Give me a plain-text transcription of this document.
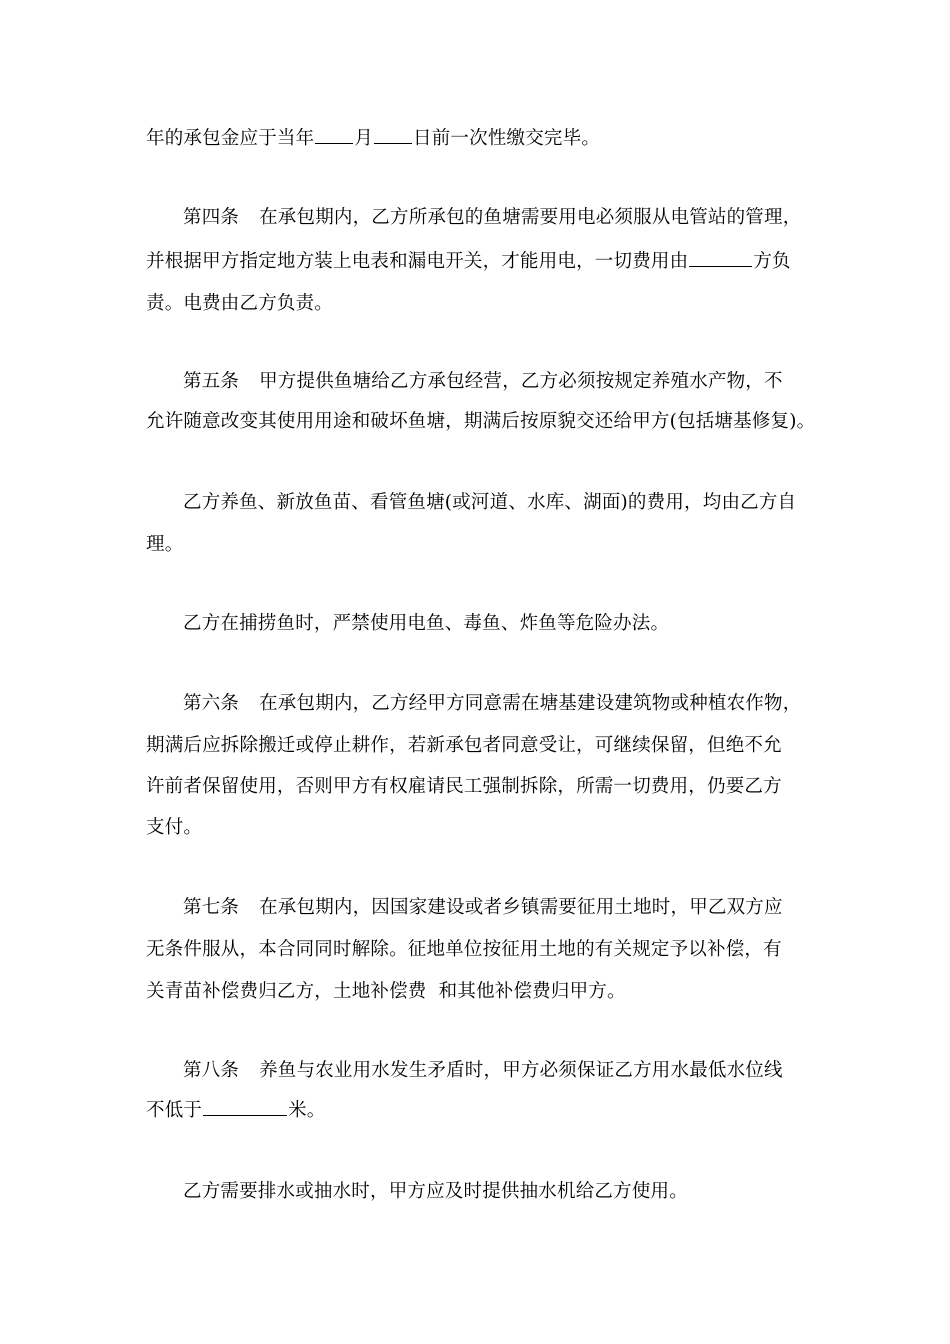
年的承包金应于当年 月 日前一次性缴交完毕。
第四条 在承包期内，乙方所承包的鱼塘需要用电必须服从电管站的管理，
并根据甲方指定地方装上电表和漏电开关，才能用电，一切费用由	方负
责。电费由乙方负责。
第五条 甲方提供鱼塘给乙方承包经营，乙方必须按规定养殖水产物，不
允许随意改变其使用用途和破坏鱼塘，期满后按原貌交还给甲方(包括塘基修复)。
乙方养鱼、新放鱼苗、看管鱼塘(或河道、水库、湖面)的费用，均由乙方自
理。
乙方在捕捞鱼时，严禁使用电鱼、毒鱼、炸鱼等危险办法。
第六条 在承包期内，乙方经甲方同意需在塘基建设建筑物或种植农作物，
期满后应拆除搬迁或停止耕作，若新承包者同意受让，可继续保留，但绝不允
许前者保留使用，否则甲方有权雇请民工强制拆除，所需一切费用，仍要乙方
支付。
第七条 在承包期内，因国家建设或者乡镇需要征用土地时，甲乙双方应
无条件服从，本合同同时解除。征地单位按征用土地的有关规定予以补偿，有
关青苗补偿费归乙方，土地补偿费  和其他补偿费归甲方。
第八条 养鱼与农业用水发生矛盾时，甲方必须保证乙方用水最低水位线
不低于	米。
乙方需要排水或抽水时，甲方应及时提供抽水机给乙方使用。
